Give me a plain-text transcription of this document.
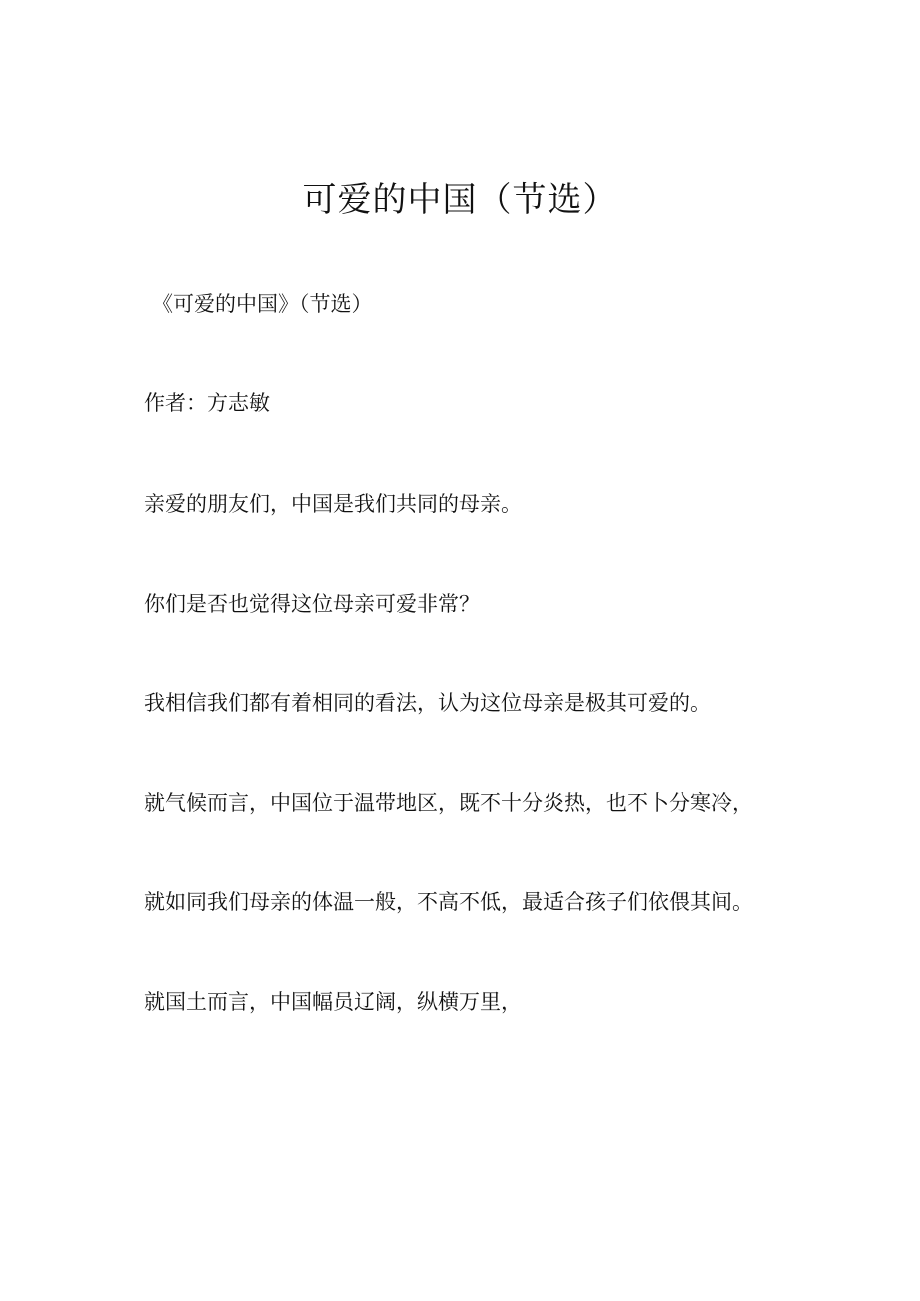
可爱的中国（节选）

《可爱的中国》（节选）

作者：方志敏

亲爱的朋友们，中国是我们共同的母亲。

你们是否也觉得这位母亲可爱非常？

我相信我们都有着相同的看法，认为这位母亲是极其可爱的。

就气候而言，中国位于温带地区，既不十分炎热，也不卜分寒冷，

就如同我们母亲的体温一般，不高不低，最适合孩子们依偎其间。

就国土而言，中国幅员辽阔，纵横万里，
